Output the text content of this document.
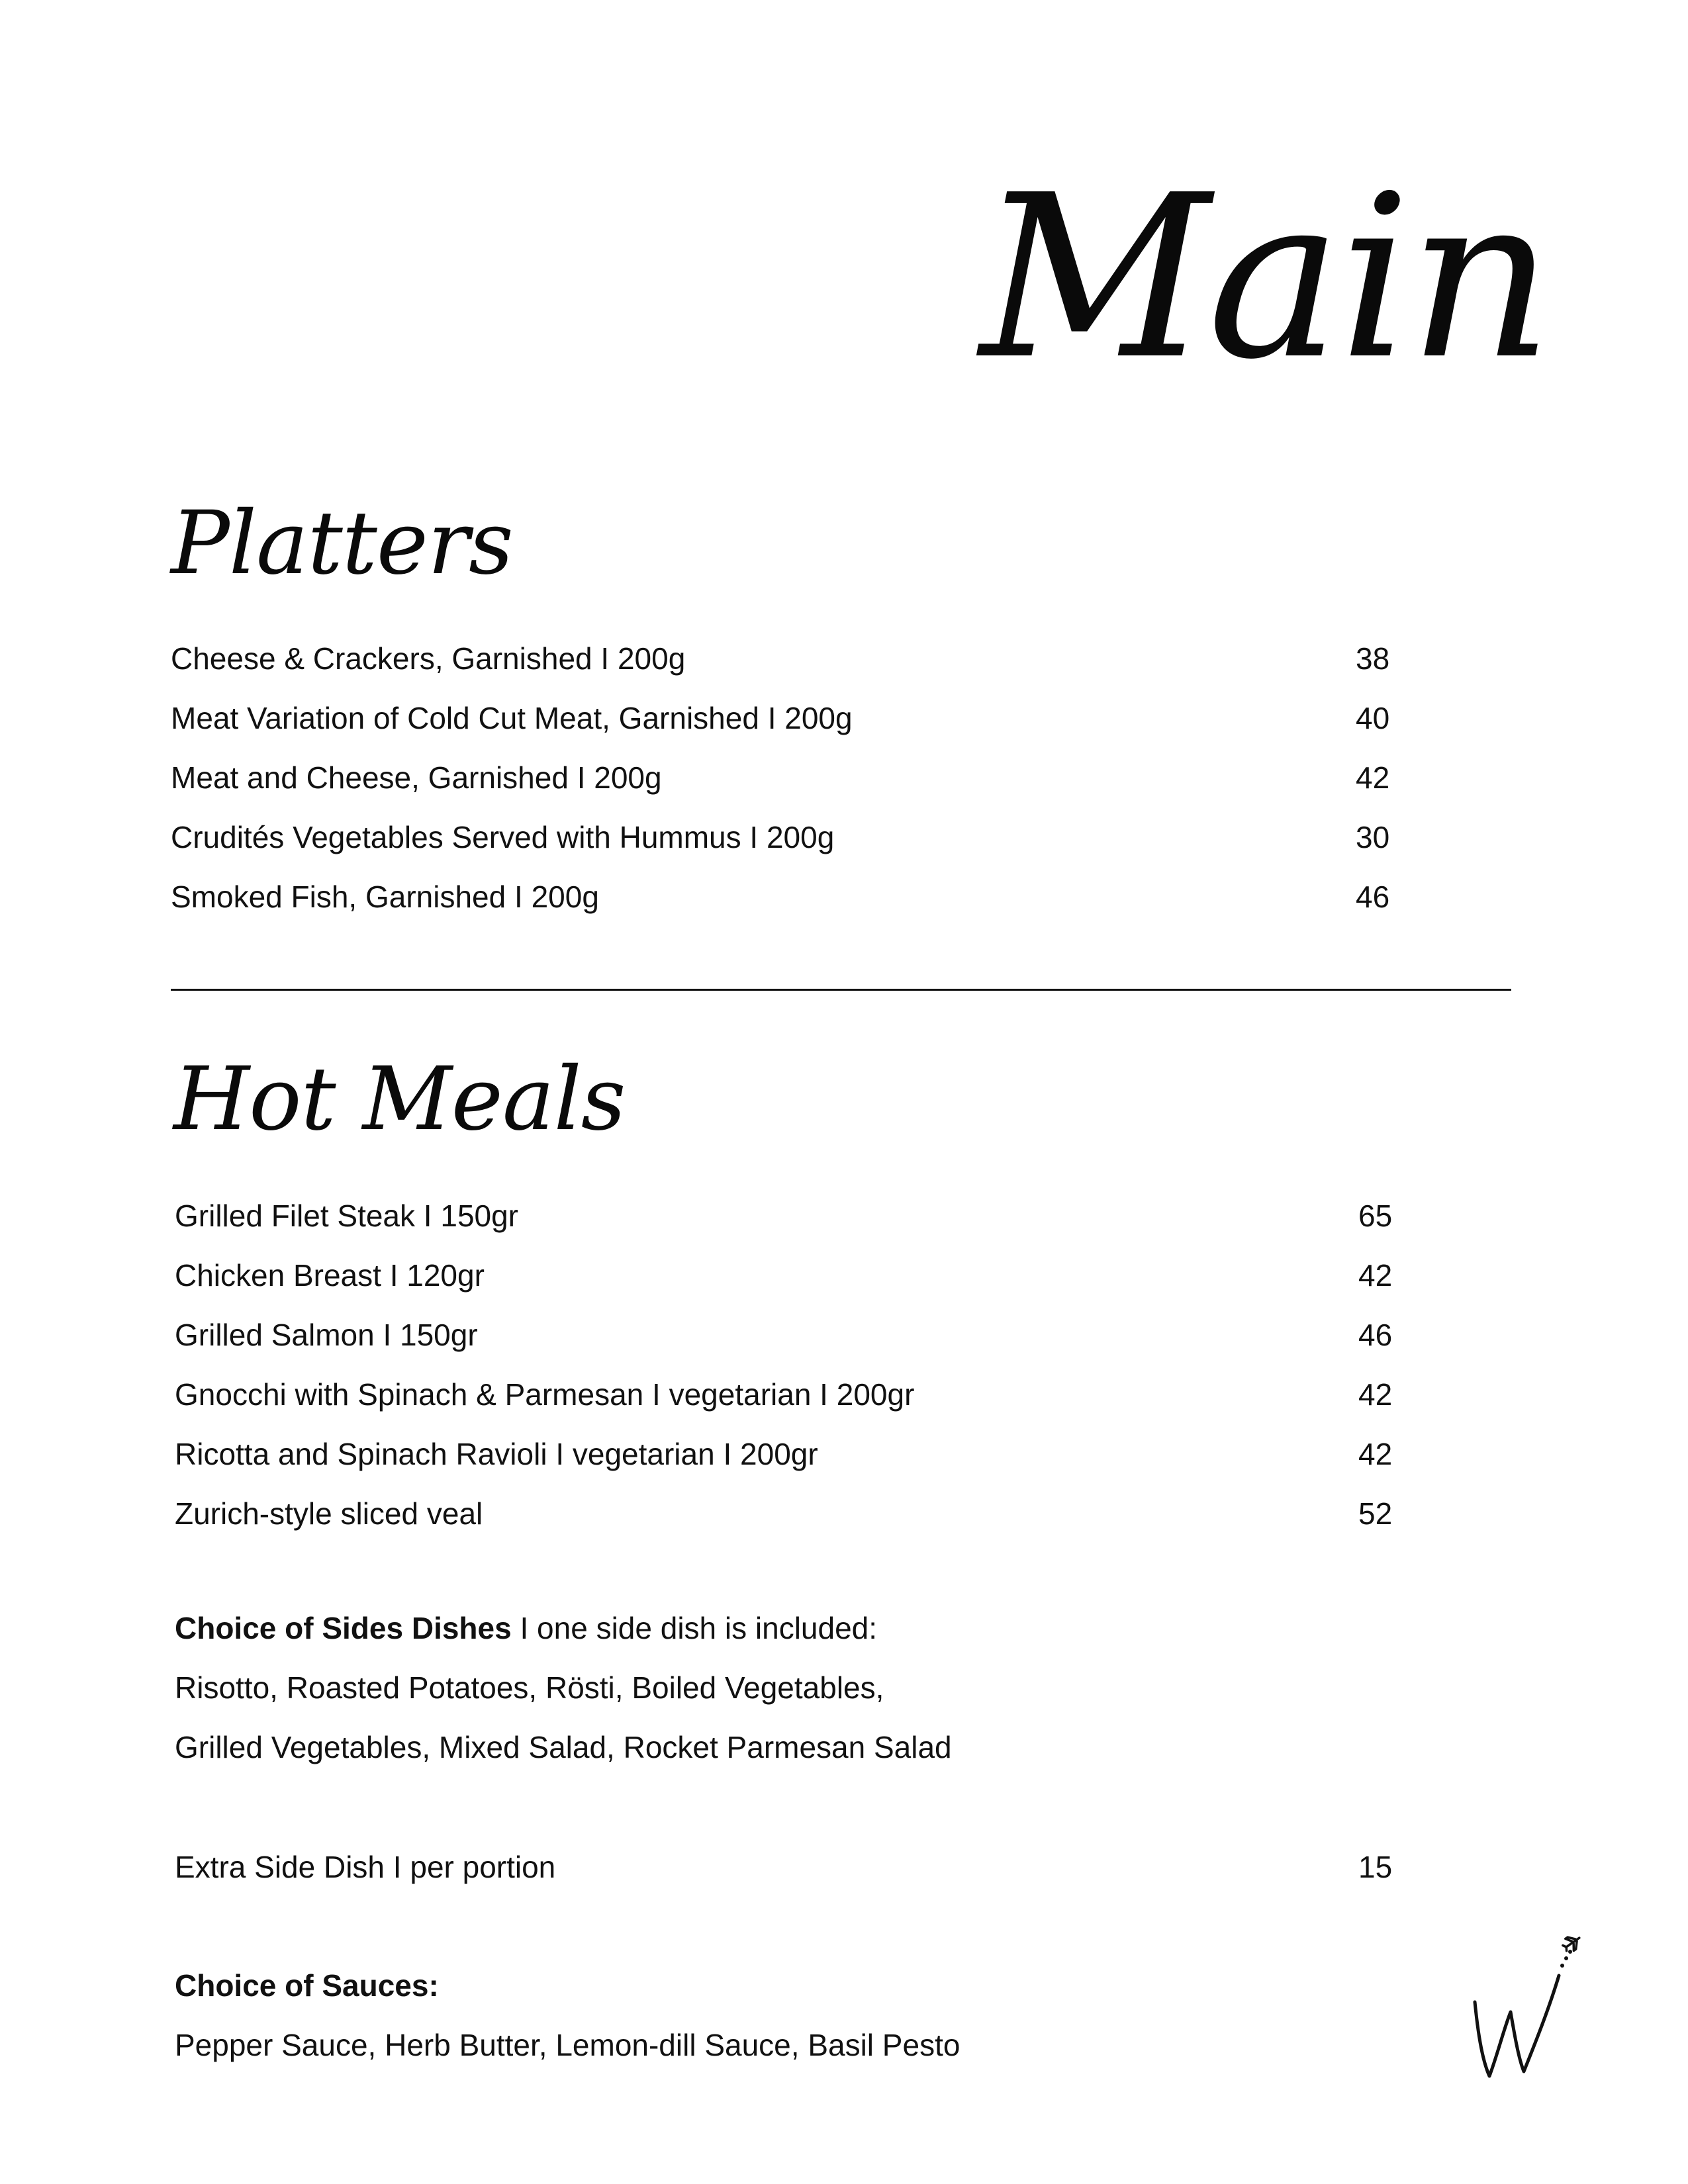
Main
Platters
Cheese & Crackers, Garnished I 200g	38
Meat Variation of Cold Cut Meat, Garnished I 200g	40
Meat and Cheese, Garnished I 200g	42
Crudités Vegetables Served with Hummus I 200g	30
Smoked Fish, Garnished I 200g	46
Hot Meals
Grilled Filet Steak I 150gr	65
Chicken Breast I 120gr	42
Grilled Salmon I 150gr	46
Gnocchi with Spinach & Parmesan I vegetarian I 200gr	42
Ricotta and Spinach Ravioli I vegetarian I 200gr	42
Zurich-style sliced veal	52
Choice of Sides Dishes I one side dish is included:
Risotto, Roasted Potatoes, Rösti, Boiled Vegetables,
Grilled Vegetables, Mixed Salad, Rocket Parmesan Salad
Extra Side Dish I per portion	15
Choice of Sauces:
Pepper Sauce, Herb Butter, Lemon-dill Sauce, Basil Pesto
